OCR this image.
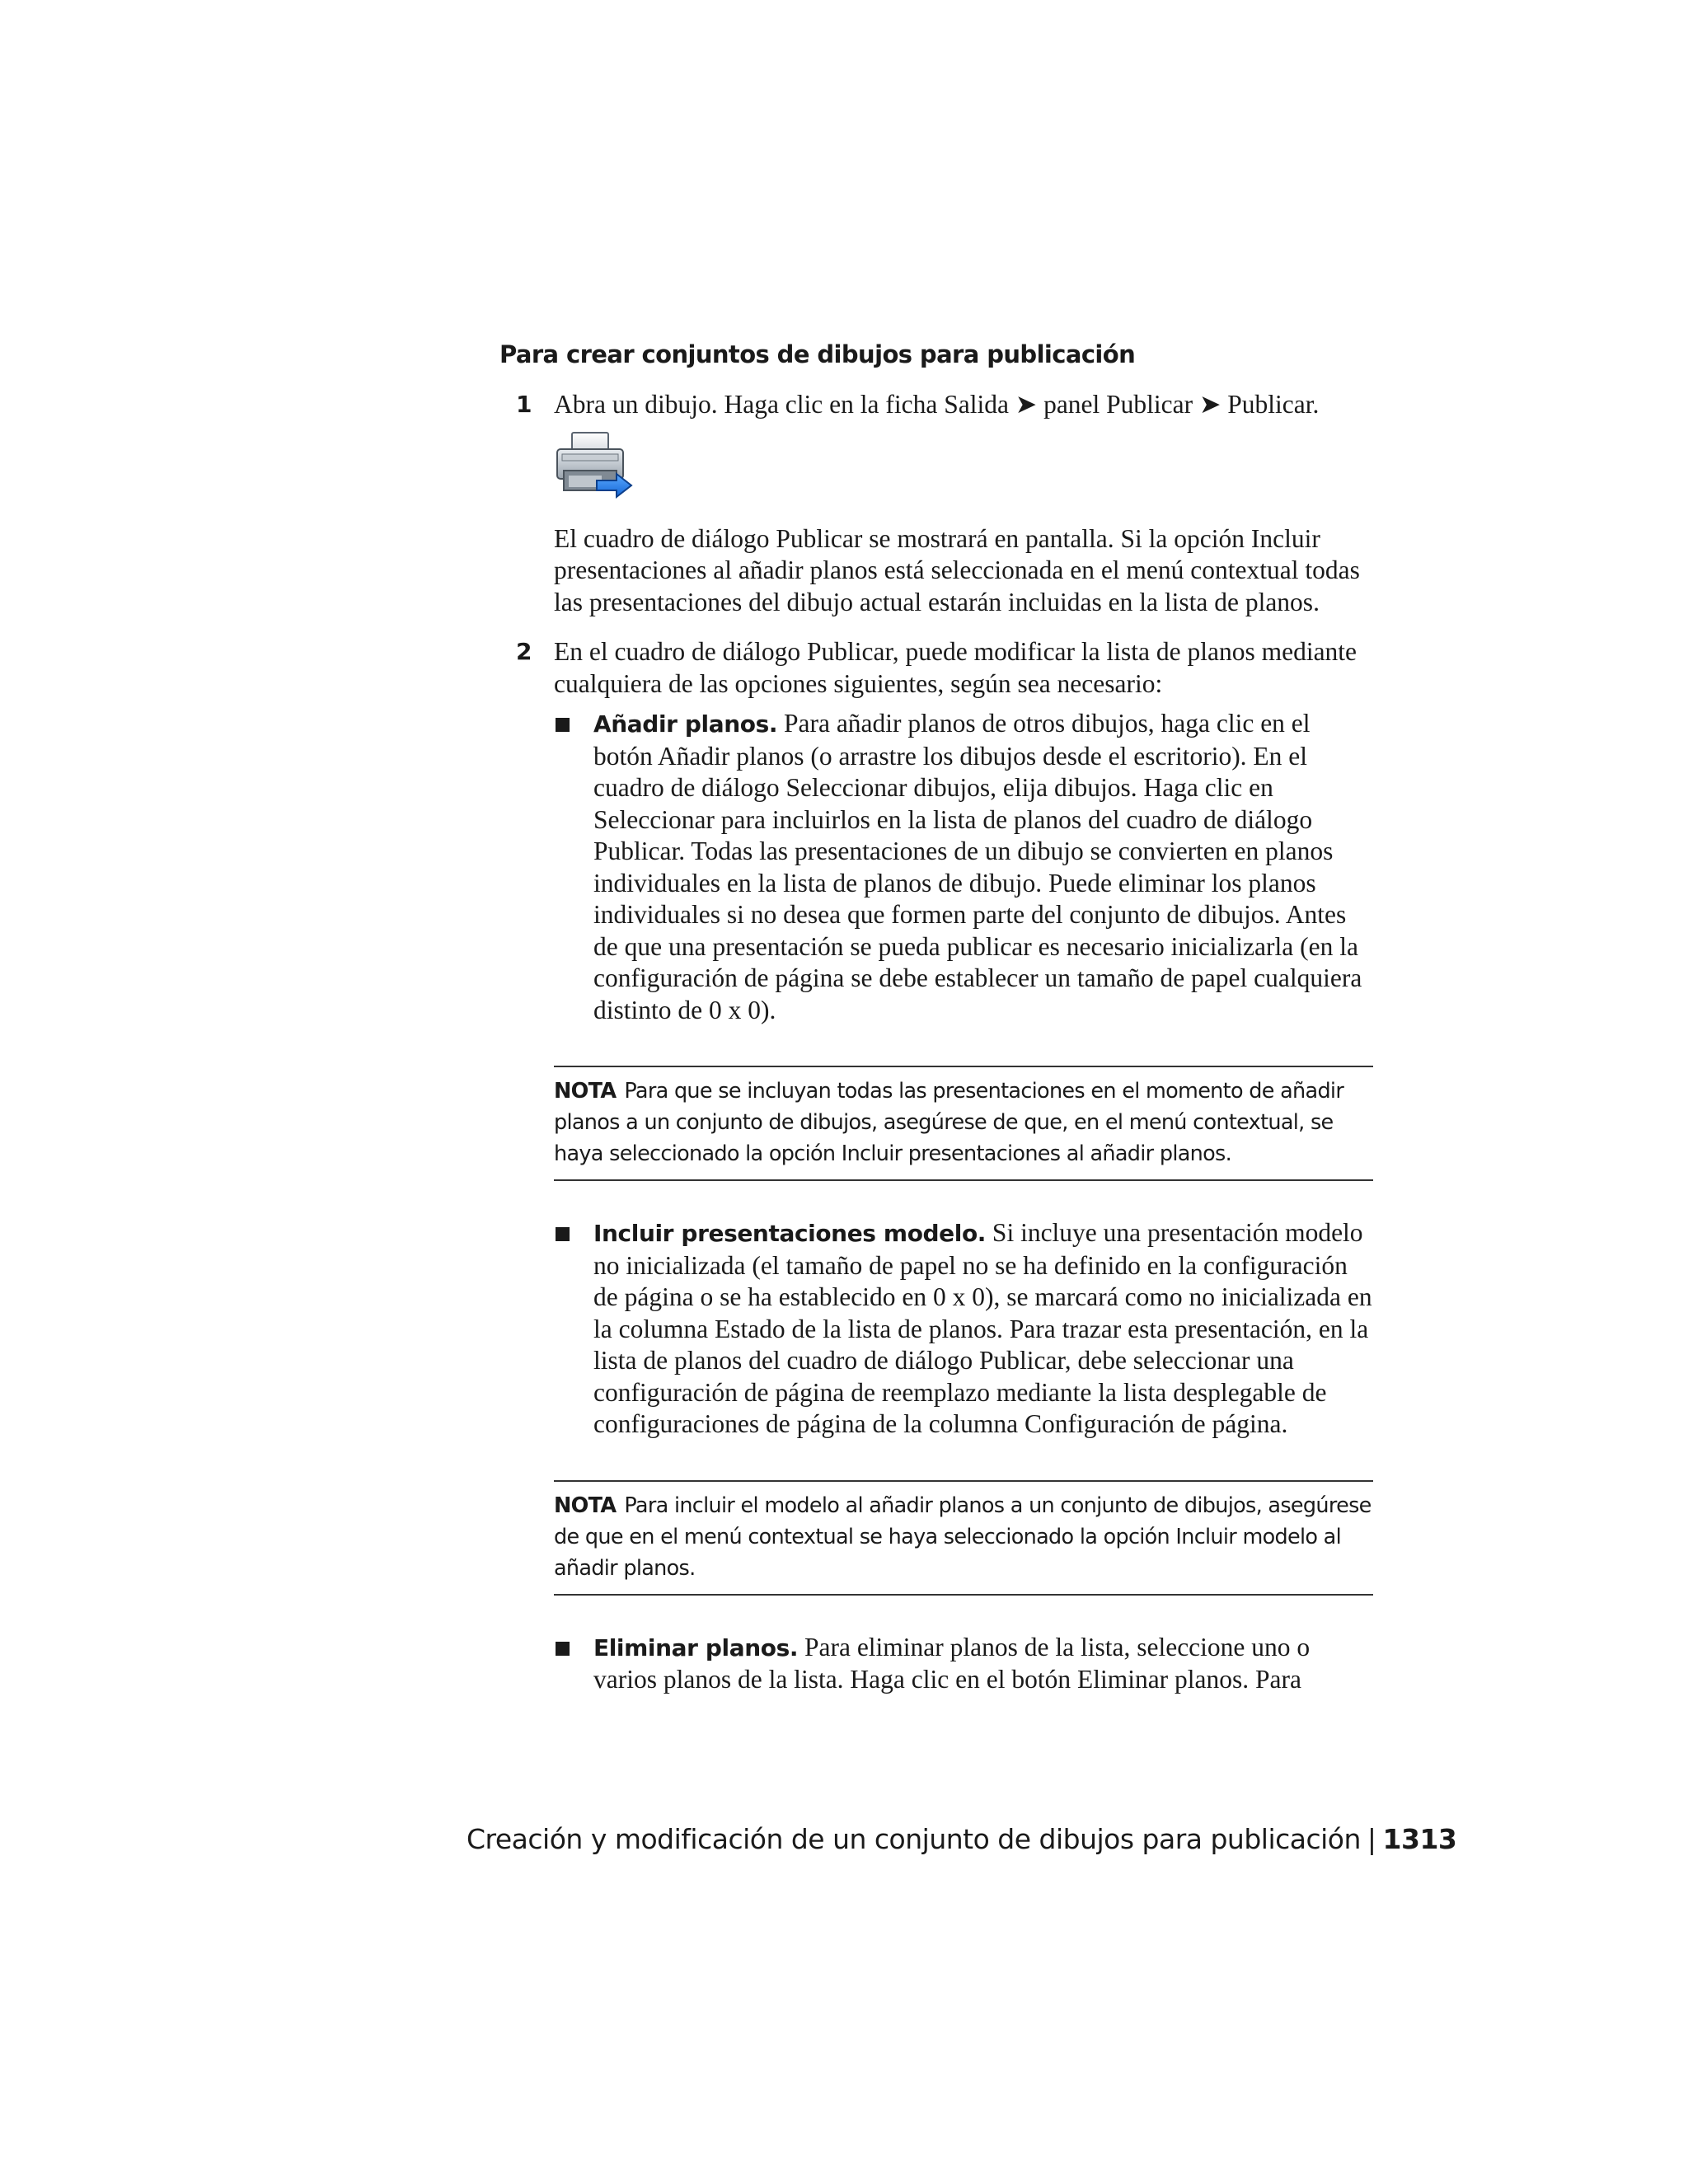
Para crear conjuntos de dibujos para publicación
1 Abra un dibujo. Haga clic en la ficha Salida ➤ panel Publicar ➤ Publicar.

El cuadro de diálogo Publicar se mostrará en pantalla. Si la opción Incluir presentaciones al añadir planos está seleccionada en el menú contextual todas las presentaciones del dibujo actual estarán incluidas en la lista de planos.

2 En el cuadro de diálogo Publicar, puede modificar la lista de planos mediante cualquiera de las opciones siguientes, según sea necesario:

Añadir planos. Para añadir planos de otros dibujos, haga clic en el botón Añadir planos (o arrastre los dibujos desde el escritorio). En el cuadro de diálogo Seleccionar dibujos, elija dibujos. Haga clic en Seleccionar para incluirlos en la lista de planos del cuadro de diálogo Publicar. Todas las presentaciones de un dibujo se convierten en planos individuales en la lista de planos de dibujo. Puede eliminar los planos individuales si no desea que formen parte del conjunto de dibujos. Antes de que una presentación se pueda publicar es necesario inicializarla (en la configuración de página se debe establecer un tamaño de papel cualquiera distinto de 0 x 0).

NOTA Para que se incluyan todas las presentaciones en el momento de añadir planos a un conjunto de dibujos, asegúrese de que, en el menú contextual, se haya seleccionado la opción Incluir presentaciones al añadir planos.

Incluir presentaciones modelo. Si incluye una presentación modelo no inicializada (el tamaño de papel no se ha definido en la configuración de página o se ha establecido en 0 x 0), se marcará como no inicializada en la columna Estado de la lista de planos. Para trazar esta presentación, en la lista de planos del cuadro de diálogo Publicar, debe seleccionar una configuración de página de reemplazo mediante la lista desplegable de configuraciones de página de la columna Configuración de página.

NOTA Para incluir el modelo al añadir planos a un conjunto de dibujos, asegúrese de que en el menú contextual se haya seleccionado la opción Incluir modelo al añadir planos.

Eliminar planos. Para eliminar planos de la lista, seleccione uno o varios planos de la lista. Haga clic en el botón Eliminar planos. Para

Creación y modificación de un conjunto de dibujos para publicación | 1313
